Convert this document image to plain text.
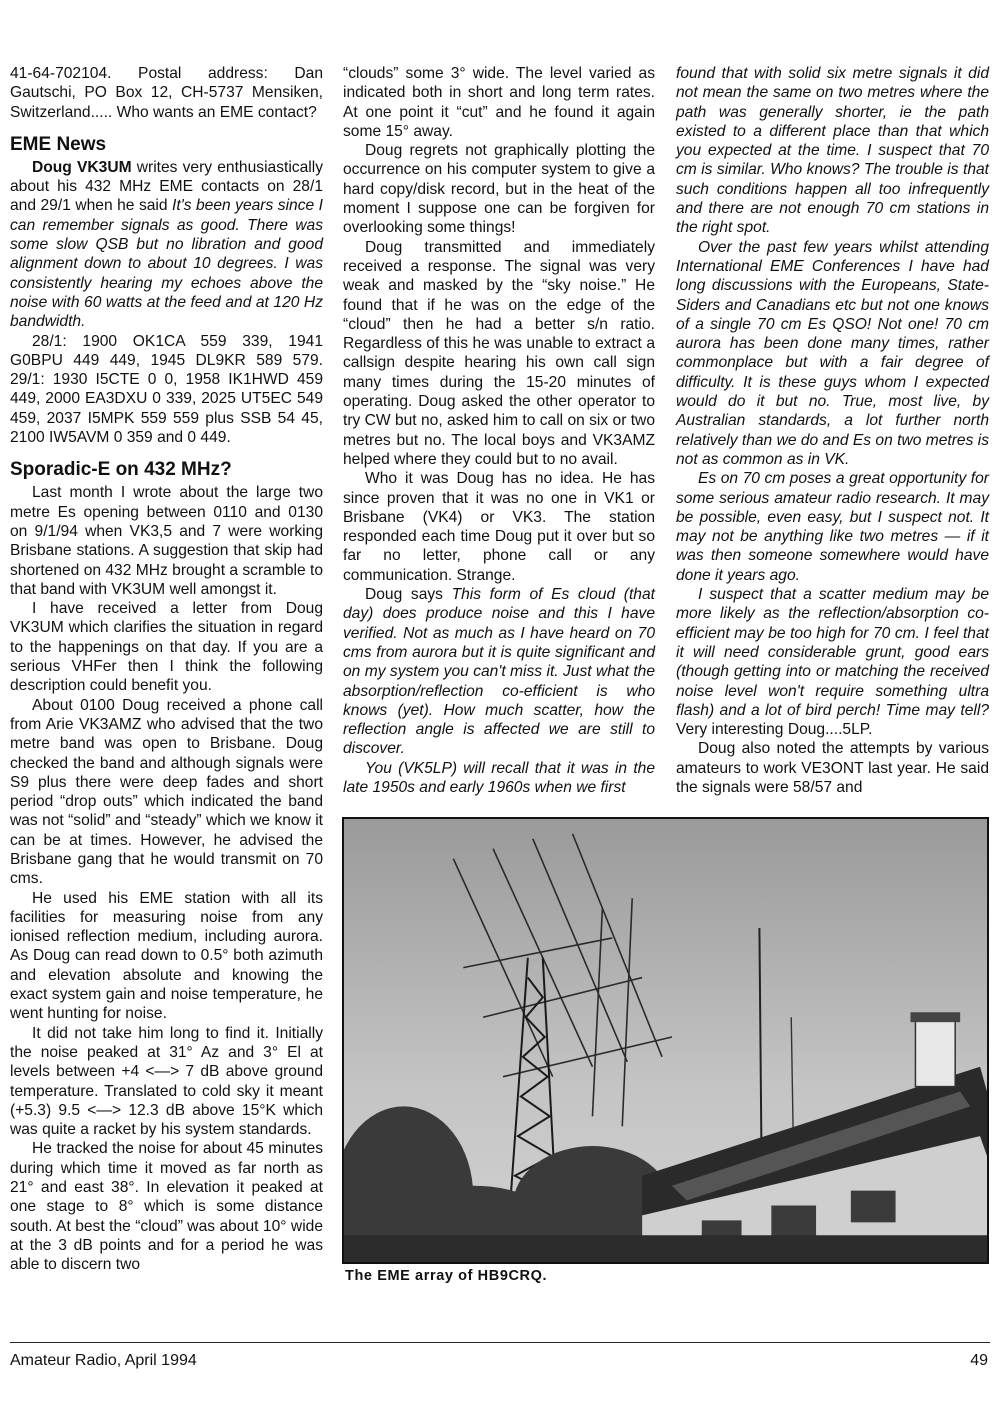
41-64-702104. Postal address: Dan Gautschi, PO Box 12, CH-5737 Mensiken, Switzerland..... Who wants an EME contact?

EME News

Doug VK3UM writes very enthusiastically about his 432 MHz EME contacts on 28/1 and 29/1 when he said It's been years since I can remember signals as good. There was some slow QSB but no libration and good alignment down to about 10 degrees. I was consistently hearing my echoes above the noise with 60 watts at the feed and at 120 Hz bandwidth.

28/1: 1900 OK1CA 559 339, 1941 G0BPU 449 449, 1945 DL9KR 589 579. 29/1: 1930 I5CTE 0 0, 1958 IK1HWD 459 449, 2000 EA3DXU 0 339, 2025 UT5EC 549 459, 2037 I5MPK 559 559 plus SSB 54 45, 2100 IW5AVM 0 359 and 0 449.

Sporadic-E on 432 MHz?

Last month I wrote about the large two metre Es opening between 0110 and 0130 on 9/1/94 when VK3,5 and 7 were working Brisbane stations. A suggestion that skip had shortened on 432 MHz brought a scramble to that band with VK3UM well amongst it.

I have received a letter from Doug VK3UM which clarifies the situation in regard to the happenings on that day. If you are a serious VHFer then I think the following description could benefit you.

About 0100 Doug received a phone call from Arie VK3AMZ who advised that the two metre band was open to Brisbane. Doug checked the band and although signals were S9 plus there were deep fades and short period “drop outs” which indicated the band was not “solid” and “steady” which we know it can be at times. However, he advised the Brisbane gang that he would transmit on 70 cms.

He used his EME station with all its facilities for measuring noise from any ionised reflection medium, including aurora. As Doug can read down to 0.5° both azimuth and elevation absolute and knowing the exact system gain and noise temperature, he went hunting for noise.

It did not take him long to find it. Initially the noise peaked at 31° Az and 3° El at levels between +4 <—> 7 dB above ground temperature. Translated to cold sky it meant (+5.3) 9.5 <—> 12.3 dB above 15°K which was quite a racket by his system standards.

He tracked the noise for about 45 minutes during which time it moved as far north as 21° and east 38°. In elevation it peaked at one stage to 8° which is some distance south. At best the “cloud” was about 10° wide at the 3 dB points and for a period he was able to discern two

“clouds” some 3° wide. The level varied as indicated both in short and long term rates. At one point it “cut” and he found it again some 15° away.

Doug regrets not graphically plotting the occurrence on his computer system to give a hard copy/disk record, but in the heat of the moment I suppose one can be forgiven for overlooking some things!

Doug transmitted and immediately received a response. The signal was very weak and masked by the “sky noise.” He found that if he was on the edge of the “cloud” then he had a better s/n ratio. Regardless of this he was unable to extract a callsign despite hearing his own call sign many times during the 15-20 minutes of operating. Doug asked the other operator to try CW but no, asked him to call on six or two metres but no. The local boys and VK3AMZ helped where they could but to no avail.

Who it was Doug has no idea. He has since proven that it was no one in VK1 or Brisbane (VK4) or VK3. The station responded each time Doug put it over but so far no letter, phone call or any communication. Strange.

Doug says This form of Es cloud (that day) does produce noise and this I have verified. Not as much as I have heard on 70 cms from aurora but it is quite significant and on my system you can't miss it. Just what the absorption/reflection co-efficient is who knows (yet). How much scatter, how the reflection angle is affected we are still to discover.

You (VK5LP) will recall that it was in the late 1950s and early 1960s when we first

found that with solid six metre signals it did not mean the same on two metres where the path was generally shorter, ie the path existed to a different place than that which you expected at the time. I suspect that 70 cm is similar. Who knows? The trouble is that such conditions happen all too infrequently and there are not enough 70 cm stations in the right spot.

Over the past few years whilst attending International EME Conferences I have had long discussions with the Europeans, State-Siders and Canadians etc but not one knows of a single 70 cm Es QSO! Not one! 70 cm aurora has been done many times, rather commonplace but with a fair degree of difficulty. It is these guys whom I expected would do it but no. True, most live, by Australian standards, a lot further north relatively than we do and Es on two metres is not as common as in VK.

Es on 70 cm poses a great opportunity for some serious amateur radio research. It may be possible, even easy, but I suspect not. It may not be anything like two metres — if it was then someone somewhere would have done it years ago.

I suspect that a scatter medium may be more likely as the reflection/absorption co-efficient may be too high for 70 cm. I feel that it will need considerable grunt, good ears (though getting into or matching the received noise level won't require something ultra flash) and a lot of bird perch! Time may tell? Very interesting Doug....5LP.

Doug also noted the attempts by various amateurs to work VE3ONT last year. He said the signals were 58/57 and

The EME array of HB9CRQ.
Amateur Radio, April 1994	49
